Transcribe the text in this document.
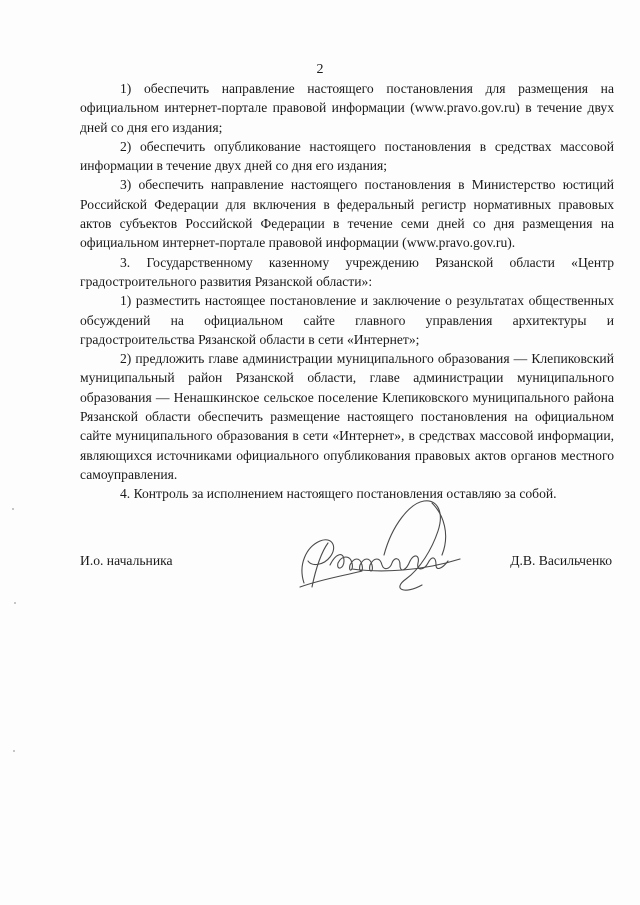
2

1) обеспечить направление настоящего постановления для размещения на официальном интернет-портале правовой информации (www.pravo.gov.ru) в течение двух дней со дня его издания;

2) обеспечить опубликование настоящего постановления в средствах массовой информации в течение двух дней со дня его издания;

3) обеспечить направление настоящего постановления в Министерство юстиций Российской Федерации для включения в федеральный регистр нормативных правовых актов субъектов Российской Федерации в течение семи дней со дня размещения на официальном интернет-портале правовой информации (www.pravo.gov.ru).

3. Государственному казенному учреждению Рязанской области «Центр градостроительного развития Рязанской области»:

1) разместить настоящее постановление и заключение о результатах общественных обсуждений на официальном сайте главного управления архитектуры и градостроительства Рязанской области в сети «Интернет»;

2) предложить главе администрации муниципального образования — Клепиковский муниципальный район Рязанской области, главе администрации муниципального образования — Ненашкинское сельское поселение Клепиковского муниципального района Рязанской области обеспечить размещение настоящего постановления на официальном сайте муниципального образования в сети «Интернет», в средствах массовой информации, являющихся источниками официального опубликования правовых актов органов местного самоуправления.

4. Контроль за исполнением настоящего постановления оставляю за собой.

И.о. начальника	Д.В. Васильченко
